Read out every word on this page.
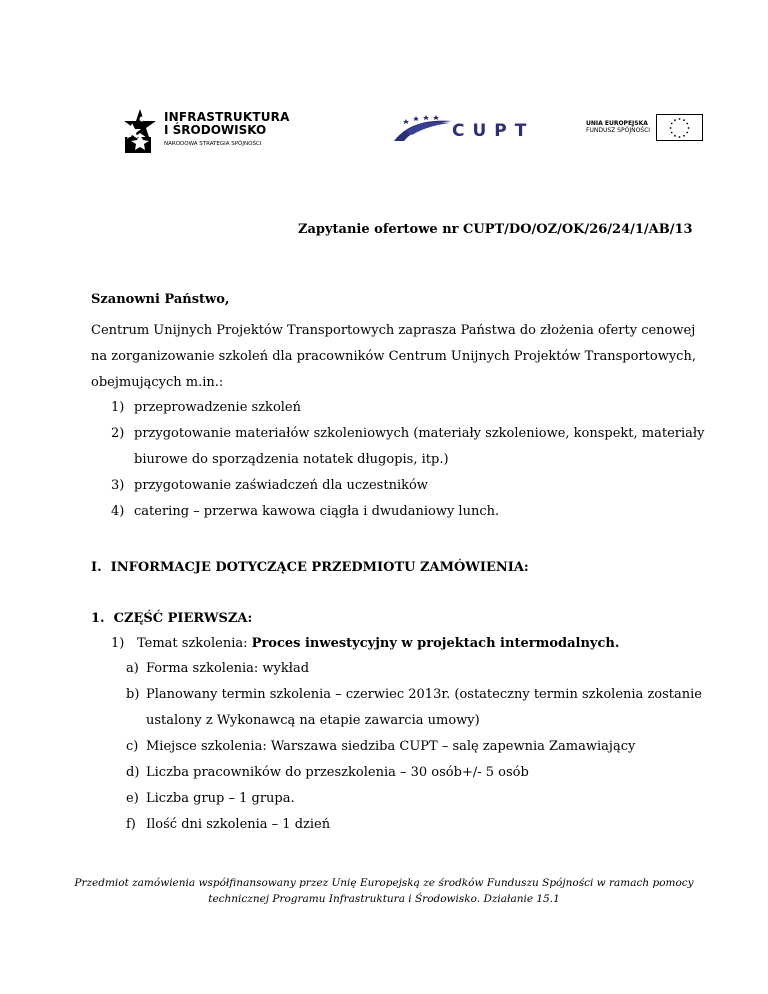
INFRASTRUKTURA
I ŚRODOWISKO
NARODOWA STRATEGIA SPÓJNOŚCI
CUPT	UNIA EUROPEJSKA
FUNDUSZ SPÓJNOŚCI
Zapytanie ofertowe nr CUPT/DO/OZ/OK/26/24/1/AB/13
Szanowni Państwo,
Centrum Unijnych Projektów Transportowych zaprasza Państwa do złożenia oferty cenowej
na zorganizowanie szkoleń dla pracowników Centrum Unijnych Projektów Transportowych,
obejmujących m.in.:
1) przeprowadzenie szkoleń
2) przygotowanie materiałów szkoleniowych (materiały szkoleniowe, konspekt, materiały
biurowe do sporządzenia notatek długopis, itp.)
3) przygotowanie zaświadczeń dla uczestników
4) catering – przerwa kawowa ciągła i dwudaniowy lunch.
I.  INFORMACJE DOTYCZĄCE PRZEDMIOTU ZAMÓWIENIA:
1.  CZĘŚĆ PIERWSZA:
1) Temat szkolenia: Proces inwestycyjny w projektach intermodalnych.
a) Forma szkolenia: wykład
b) Planowany termin szkolenia – czerwiec 2013r. (ostateczny termin szkolenia zostanie
ustalony z Wykonawcą na etapie zawarcia umowy)
c) Miejsce szkolenia: Warszawa siedziba CUPT – salę zapewnia Zamawiający
d) Liczba pracowników do przeszkolenia – 30 osób+/- 5 osób
e) Liczba grup – 1 grupa.
f) Ilość dni szkolenia – 1 dzień
Przedmiot zamówienia współfinansowany przez Unię Europejską ze środków Funduszu Spójności w ramach pomocy
technicznej Programu Infrastruktura i Środowisko. Działanie 15.1
